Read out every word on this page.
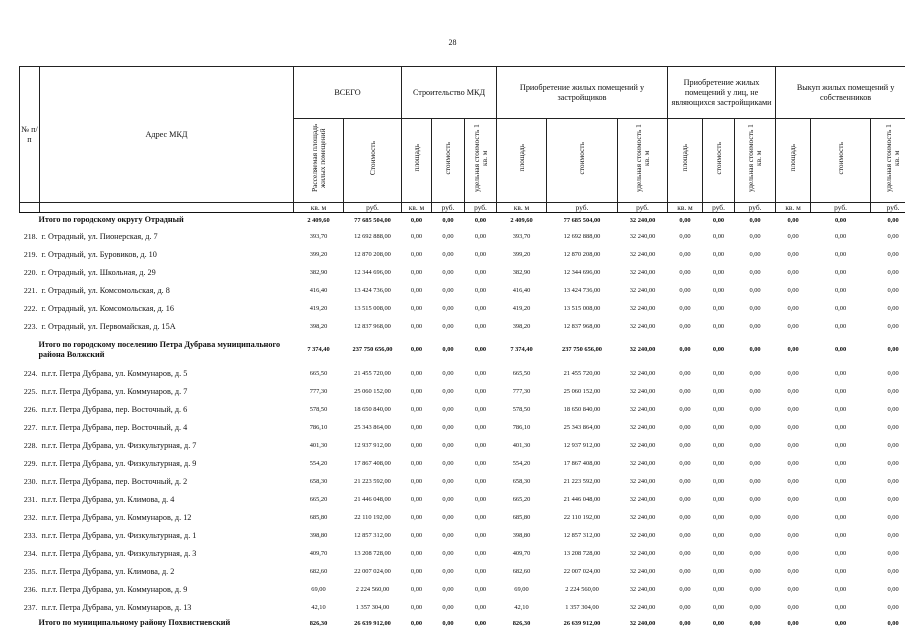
28
№ п/п	Адрес МКД	ВСЕГО		Строительство МКД			Приобретение жилых помещений у застройщиков			Приобретение жилых помещений у лиц, не являющихся застройщиками			Выкуп жилых помещений у собственников		
		Расселяемая площадь жилых помещений	Стоимость	площадь	стоимость	удельная стоимость 1 кв. м	площадь	стоимость	удельная стоимость 1 кв. м	площадь	стоимость	удельная стоимость 1 кв. м	площадь	стоимость	удельная стоимость 1 кв. м
		кв. м	руб.	кв. м	руб.	руб.	кв. м	руб.	руб.	кв. м	руб.	руб.	кв. м	руб.	руб.
Итого по городскому округу Отрадный		2 409,60	77 685 504,00	0,00	0,00	0,00	2 409,60	77 685 504,00	32 240,00	0,00	0,00	0,00	0,00	0,00	0,00
218.	г. Отрадный, ул. Пионерская, д. 7	393,70	12 692 888,00	0,00	0,00	0,00	393,70	12 692 888,00	32 240,00	0,00	0,00	0,00	0,00	0,00	0,00
219.	г. Отрадный, ул. Буровиков, д. 10	399,20	12 870 208,00	0,00	0,00	0,00	399,20	12 870 208,00	32 240,00	0,00	0,00	0,00	0,00	0,00	0,00
220.	г. Отрадный, ул. Школьная, д. 29	382,90	12 344 696,00	0,00	0,00	0,00	382,90	12 344 696,00	32 240,00	0,00	0,00	0,00	0,00	0,00	0,00
221.	г. Отрадный, ул. Комсомольская, д. 8	416,40	13 424 736,00	0,00	0,00	0,00	416,40	13 424 736,00	32 240,00	0,00	0,00	0,00	0,00	0,00	0,00
222.	г. Отрадный, ул. Комсомольская, д. 16	419,20	13 515 008,00	0,00	0,00	0,00	419,20	13 515 008,00	32 240,00	0,00	0,00	0,00	0,00	0,00	0,00
223.	г. Отрадный, ул. Первомайская, д. 15А	398,20	12 837 968,00	0,00	0,00	0,00	398,20	12 837 968,00	32 240,00	0,00	0,00	0,00	0,00	0,00	0,00
Итого по городскому поселению Петра Дубрава муниципального района Волжский		7 374,40	237 750 656,00	0,00	0,00	0,00	7 374,40	237 750 656,00	32 240,00	0,00	0,00	0,00	0,00	0,00	0,00
224.	п.г.т. Петра Дубрава, ул. Коммунаров, д. 5	665,50	21 455 720,00	0,00	0,00	0,00	665,50	21 455 720,00	32 240,00	0,00	0,00	0,00	0,00	0,00	0,00
225.	п.г.т. Петра Дубрава, ул. Коммунаров, д. 7	777,30	25 060 152,00	0,00	0,00	0,00	777,30	25 060 152,00	32 240,00	0,00	0,00	0,00	0,00	0,00	0,00
226.	п.г.т. Петра Дубрава, пер. Восточный, д. 6	578,50	18 650 840,00	0,00	0,00	0,00	578,50	18 650 840,00	32 240,00	0,00	0,00	0,00	0,00	0,00	0,00
227.	п.г.т. Петра Дубрава, пер. Восточный, д. 4	786,10	25 343 864,00	0,00	0,00	0,00	786,10	25 343 864,00	32 240,00	0,00	0,00	0,00	0,00	0,00	0,00
228.	п.г.т. Петра Дубрава, ул. Физкультурная, д. 7	401,30	12 937 912,00	0,00	0,00	0,00	401,30	12 937 912,00	32 240,00	0,00	0,00	0,00	0,00	0,00	0,00
229.	п.г.т. Петра Дубрава, ул. Физкультурная, д. 9	554,20	17 867 408,00	0,00	0,00	0,00	554,20	17 867 408,00	32 240,00	0,00	0,00	0,00	0,00	0,00	0,00
230.	п.г.т. Петра Дубрава, пер. Восточный, д. 2	658,30	21 223 592,00	0,00	0,00	0,00	658,30	21 223 592,00	32 240,00	0,00	0,00	0,00	0,00	0,00	0,00
231.	п.г.т. Петра Дубрава, ул. Климова, д. 4	665,20	21 446 048,00	0,00	0,00	0,00	665,20	21 446 048,00	32 240,00	0,00	0,00	0,00	0,00	0,00	0,00
232.	п.г.т. Петра Дубрава, ул. Коммунаров, д. 12	685,80	22 110 192,00	0,00	0,00	0,00	685,80	22 110 192,00	32 240,00	0,00	0,00	0,00	0,00	0,00	0,00
233.	п.г.т. Петра Дубрава, ул. Физкультурная, д. 1	398,80	12 857 312,00	0,00	0,00	0,00	398,80	12 857 312,00	32 240,00	0,00	0,00	0,00	0,00	0,00	0,00
234.	п.г.т. Петра Дубрава, ул. Физкультурная, д. 3	409,70	13 208 728,00	0,00	0,00	0,00	409,70	13 208 728,00	32 240,00	0,00	0,00	0,00	0,00	0,00	0,00
235.	п.г.т. Петра Дубрава, ул. Климова, д. 2	682,60	22 007 024,00	0,00	0,00	0,00	682,60	22 007 024,00	32 240,00	0,00	0,00	0,00	0,00	0,00	0,00
236.	п.г.т. Петра Дубрава, ул. Коммунаров, д. 9	69,00	2 224 560,00	0,00	0,00	0,00	69,00	2 224 560,00	32 240,00	0,00	0,00	0,00	0,00	0,00	0,00
237.	п.г.т. Петра Дубрава, ул. Коммунаров, д. 13	42,10	1 357 304,00	0,00	0,00	0,00	42,10	1 357 304,00	32 240,00	0,00	0,00	0,00	0,00	0,00	0,00
Итого по муниципальному району Похвистневский		826,30	26 639 912,00	0,00	0,00	0,00	826,30	26 639 912,00	32 240,00	0,00	0,00	0,00	0,00	0,00	0,00
